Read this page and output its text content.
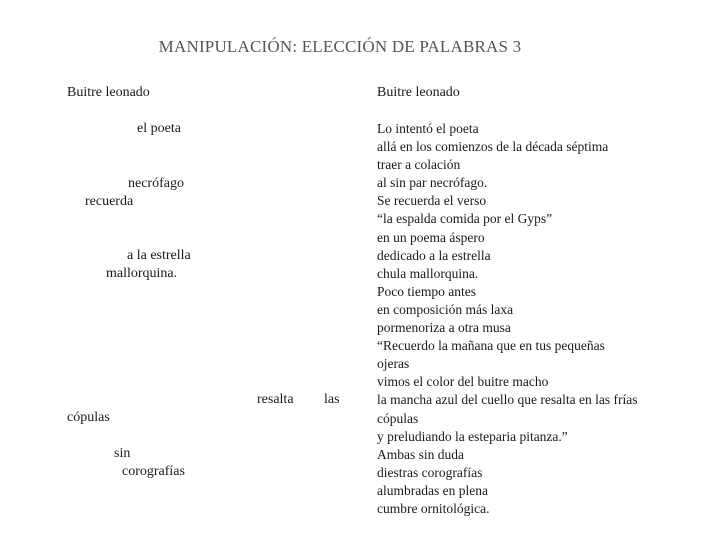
MANIPULACIÓN: ELECCIÓN DE PALABRAS 3
Buitre leonado
el poeta
necrófago
recuerda
a la estrella
mallorquina.
resalta las
cópulas
sin
corografías
Buitre leonado
Lo intentó el poeta
allá en los comienzos de la década séptima
traer a colación
al sin par necrófago.
Se recuerda el verso
“la espalda comida por el Gyps”
en un poema áspero
dedicado a la estrella
chula mallorquina.
Poco tiempo antes
en composición más laxa
pormenoriza a otra musa
“Recuerdo la mañana que en tus pequeñas
ojeras
vimos el color del buitre macho
la mancha azul del cuello que resalta en las frías
cópulas
y preludiando la esteparia pitanza.”
Ambas sin duda
diestras corografías
alumbradas en plena
cumbre ornitológica.
